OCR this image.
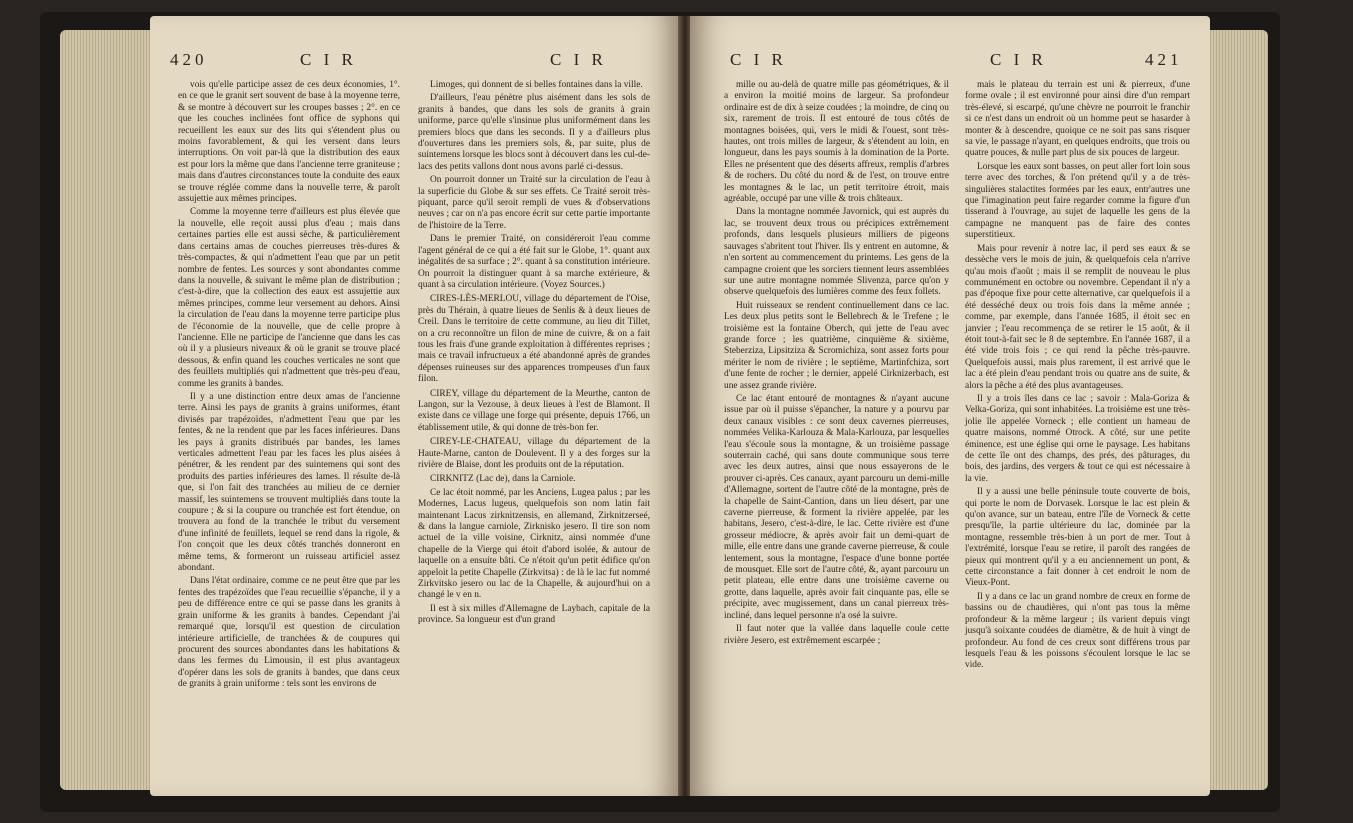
420	C I R	C I R

vois qu'elle participe assez de ces deux économies, 1°. en ce que le granit sert souvent de base à la moyenne terre, & se montre à découvert sur les croupes basses ; 2°. en ce que les couches inclinées font office de syphons qui recueillent les eaux sur des lits qui s'étendent plus ou moins favorablement, & qui les versent dans leurs interruptions. On voit par-là que la distribution des eaux est pour lors la même que dans l'ancienne terre graniteuse ; mais dans d'autres circonstances toute la conduite des eaux se trouve réglée comme dans la nouvelle terre, & paroît assujettie aux mêmes principes.

Comme la moyenne terre d'ailleurs est plus élevée que la nouvelle, elle reçoit aussi plus d'eau ; mais dans certaines parties elle est aussi sèche, & particulièrement dans certains amas de couches pierreuses très-dures & très-compactes, & qui n'admettent l'eau que par un petit nombre de fentes. Les sources y sont abondantes comme dans la nouvelle, & suivant le même plan de distribution ; c'est-à-dire, que la collection des eaux est assujettie aux mêmes principes, comme leur versement au dehors. Ainsi la circulation de l'eau dans la moyenne terre participe plus de l'économie de la nouvelle, que de celle propre à l'ancienne. Elle ne participe de l'ancienne que dans les cas où il y a plusieurs niveaux & où le granit se trouve placé dessous, & enfin quand les couches verticales ne sont que des feuillets multipliés qui n'admettent que très-peu d'eau, comme les granits à bandes.

Il y a une distinction entre deux amas de l'ancienne terre. Ainsi les pays de granits à grains uniformes, étant divisés par trapézoïdes, n'admettent l'eau que par les fentes, & ne la rendent que par les faces inférieures. Dans les pays à granits distribués par bandes, les lames verticales admettent l'eau par les faces les plus aisées à pénétrer, & les rendent par des suintemens qui sont des produits des parties inférieures des lames. Il résulte de-là que, si l'on fait des tranchées au milieu de ce dernier massif, les suintemens se trouvent multipliés dans toute la coupure ; & si la coupure ou tranchée est fort étendue, on trouvera au fond de la tranchée le tribut du versement d'une infinité de feuillets, lequel se rend dans la rigole, & l'on conçoit que les deux côtés tranchés donneront en même tems, & formeront un ruisseau artificiel assez abondant.

Dans l'état ordinaire, comme ce ne peut être que par les fentes des trapézoïdes que l'eau recueillie s'épanche, il y a peu de différence entre ce qui se passe dans les granits à grain uniforme & les granits à bandes. Cependant j'ai remarqué que, lorsqu'il est question de circulation intérieure artificielle, de tranchées & de coupures qui procurent des sources abondantes dans les habitations & dans les fermes du Limousin, il est plus avantageux d'opérer dans les sols de granits à bandes, que dans ceux de granits à grain uniforme : tels sont les environs de

Limoges, qui donnent de si belles fontaines dans la ville.

D'ailleurs, l'eau pénètre plus aisément dans les sols de granits à bandes, que dans les sols de granits à grain uniforme, parce qu'elle s'insinue plus uniformément dans les premiers blocs que dans les seconds. Il y a d'ailleurs plus d'ouvertures dans les premiers sols, &, par suite, plus de suintemens lorsque les blocs sont à découvert dans les cul-de-lacs des petits vallons dont nous avons parlé ci-dessus.

On pourroit donner un Traité sur la circulation de l'eau à la superficie du Globe & sur ses effets. Ce Traité seroit très-piquant, parce qu'il seroit rempli de vues & d'observations neuves ; car on n'a pas encore écrit sur cette partie importante de l'histoire de la Terre.

Dans le premier Traité, on considéreroit l'eau comme l'agent général de ce qui a été fait sur le Globe, 1°. quant aux inégalités de sa surface ; 2°. quant à sa constitution intérieure. On pourroit la distinguer quant à sa marche extérieure, & quant à sa circulation intérieure. (Voyez Sources.)

CIRES-LÈS-MERLOU, village du département de l'Oise, près du Thérain, à quatre lieues de Senlis & à deux lieues de Creil. Dans le territoire de cette commune, au lieu dit Tillet, on a cru reconnoître un filon de mine de cuivre, & on a fait tous les frais d'une grande exploitation à différentes reprises ; mais ce travail infructueux a été abandonné après de grandes dépenses ruineuses sur des apparences trompeuses d'un faux filon.

CIREY, village du département de la Meurthe, canton de Langon, sur la Vezouse, à deux lieues à l'est de Blamont. Il existe dans ce village une forge qui présente, depuis 1766, un établissement utile, & qui donne de très-bon fer.

CIREY-LE-CHATEAU, village du département de la Haute-Marne, canton de Doulevent. Il y a des forges sur la rivière de Blaise, dont les produits ont de la réputation.

CIRKNITZ (Lac de), dans la Carniole.

Ce lac étoit nommé, par les Anciens, Lugea palus ; par les Modernes, Lacus lugeus, quelquefois son nom latin fait maintenant Lacus zirknitzensis, en allemand, Zirknitzerseé, & dans la langue carniole, Zirknisko jesero. Il tire son nom actuel de la ville voisine, Cirknitz, ainsi nommée d'une chapelle de la Vierge qui étoit d'abord isolée, & autour de laquelle on a ensuite bâti. Ce n'étoit qu'un petit édifice qu'on appeloit la petite Chapelle (Zirkvitsa) : de là le lac fut nommé Zirkvitsko jesero ou lac de la Chapelle, & aujourd'hui on a changé le v en n.

Il est à six milles d'Allemagne de Laybach, capitale de la province. Sa longueur est d'un grand

C I R	C I R	421

mille ou au-delà de quatre mille pas géométriques, & il a environ la moitié moins de largeur. Sa profondeur ordinaire est de dix à seize coudées ; la moindre, de cinq ou six, rarement de trois. Il est entouré de tous côtés de montagnes boisées, qui, vers le midi & l'ouest, sont très-hautes, ont trois milles de largeur, & s'étendent au loin, en longueur, dans les pays soumis à la domination de la Porte. Elles ne présentent que des déserts affreux, remplis d'arbres & de rochers. Du côté du nord & de l'est, on trouve entre les montagnes & le lac, un petit territoire étroit, mais agréable, occupé par une ville & trois châteaux.

Dans la montagne nommée Javornick, qui est auprès du lac, se trouvent deux trous ou précipices extrêmement profonds, dans lesquels plusieurs milliers de pigeons sauvages s'abritent tout l'hiver. Ils y entrent en automne, & n'en sortent au commencement du printems. Les gens de la campagne croient que les sorciers tiennent leurs assemblées sur une autre montagne nommée Slivenza, parce qu'on y observe quelquefois des lumières comme des feux follets.

Huit ruisseaux se rendent continuellement dans ce lac. Les deux plus petits sont le Bellebrech & le Trefene ; le troisième est la fontaine Oberch, qui jette de l'eau avec grande force ; les quatrième, cinquième & sixième, Steberziza, Lipsitziza & Scromichiza, sont assez forts pour mériter le nom de rivière ; le septième, Martinfchiza, sort d'une fente de rocher ; le dernier, appelé Cirknizerbach, est une assez grande rivière.

Ce lac étant entouré de montagnes & n'ayant aucune issue par où il puisse s'épancher, la nature y a pourvu par deux canaux visibles : ce sont deux cavernes pierreuses, nommées Velika-Karlouza & Mala-Karlouza, par lesquelles l'eau s'écoule sous la montagne, & un troisième passage souterrain caché, qui sans doute communique sous terre avec les deux autres, ainsi que nous essayerons de le prouver ci-après. Ces canaux, ayant parcouru un demi-mille d'Allemagne, sortent de l'autre côté de la montagne, près de la chapelle de Saint-Cantion, dans un lieu désert, par une caverne pierreuse, & forment la rivière appelée, par les habitans, Jesero, c'est-à-dire, le lac. Cette rivière est d'une grosseur médiocre, & après avoir fait un demi-quart de mille, elle entre dans une grande caverne pierreuse, & coule lentement, sous la montagne, l'espace d'une bonne portée de mousquet. Elle sort de l'autre côté, &, ayant parcouru un petit plateau, elle entre dans une troisième caverne ou grotte, dans laquelle, après avoir fait cinquante pas, elle se précipite, avec mugissement, dans un canal pierreux très-incliné, dans lequel personne n'a osé la suivre.

Il faut noter que la vallée dans laquelle coule cette rivière Jesero, est extrêmement escarpée ;

mais le plateau du terrain est uni & pierreux, d'une forme ovale ; il est environné pour ainsi dire d'un rempart très-élevé, si escarpé, qu'une chèvre ne pourroit le franchir si ce n'est dans un endroit où un homme peut se hasarder à monter & à descendre, quoique ce ne soit pas sans risquer sa vie, le passage n'ayant, en quelques endroits, que trois ou quatre pouces, & nulle part plus de six pouces de largeur.

Lorsque les eaux sont basses, on peut aller fort loin sous terre avec des torches, & l'on prétend qu'il y a de très-singulières stalactites formées par les eaux, entr'autres une que l'imagination peut faire regarder comme la figure d'un tisserand à l'ouvrage, au sujet de laquelle les gens de la campagne ne manquent pas de faire des contes superstitieux.

Mais pour revenir à notre lac, il perd ses eaux & se dessèche vers le mois de juin, & quelquefois cela n'arrive qu'au mois d'août ; mais il se remplit de nouveau le plus communément en octobre ou novembre. Cependant il n'y a pas d'époque fixe pour cette alternative, car quelquefois il a été desséché deux ou trois fois dans la même année ; comme, par exemple, dans l'année 1685, il étoit sec en janvier ; l'eau recommença de se retirer le 15 août, & il étoit tout-à-fait sec le 8 de septembre. En l'année 1687, il a été vide trois fois ; ce qui rend la pêche très-pauvre. Quelquefois aussi, mais plus rarement, il est arrivé que le lac a été plein d'eau pendant trois ou quatre ans de suite, & alors la pêche a été des plus avantageuses.

Il y a trois îles dans ce lac ; savoir : Mala-Goriza & Velka-Goriza, qui sont inhabitées. La troisième est une très-jolie île appelée Vorneck ; elle contient un hameau de quatre maisons, nommé Otrock. A côté, sur une petite éminence, est une église qui orne le paysage. Les habitans de cette île ont des champs, des prés, des pâturages, du bois, des jardins, des vergers & tout ce qui est nécessaire à la vie.

Il y a aussi une belle péninsule toute couverte de bois, qui porte le nom de Dorvasek. Lorsque le lac est plein & qu'on avance, sur un bateau, entre l'île de Vorneck & cette presqu'île, la partie ultérieure du lac, dominée par la montagne, ressemble très-bien à un port de mer. Tout à l'extrémité, lorsque l'eau se retire, il paroît des rangées de pieux qui montrent qu'il y a eu anciennement un pont, & cette circonstance a fait donner à cet endroit le nom de Vieux-Pont.

Il y a dans ce lac un grand nombre de creux en forme de bassins ou de chaudières, qui n'ont pas tous la même profondeur & la même largeur ; ils varient depuis vingt jusqu'à soixante coudées de diamètre, & de huit à vingt de profondeur. Au fond de ces creux sont différens trous par lesquels l'eau & les poissons s'écoulent lorsque le lac se vide.
